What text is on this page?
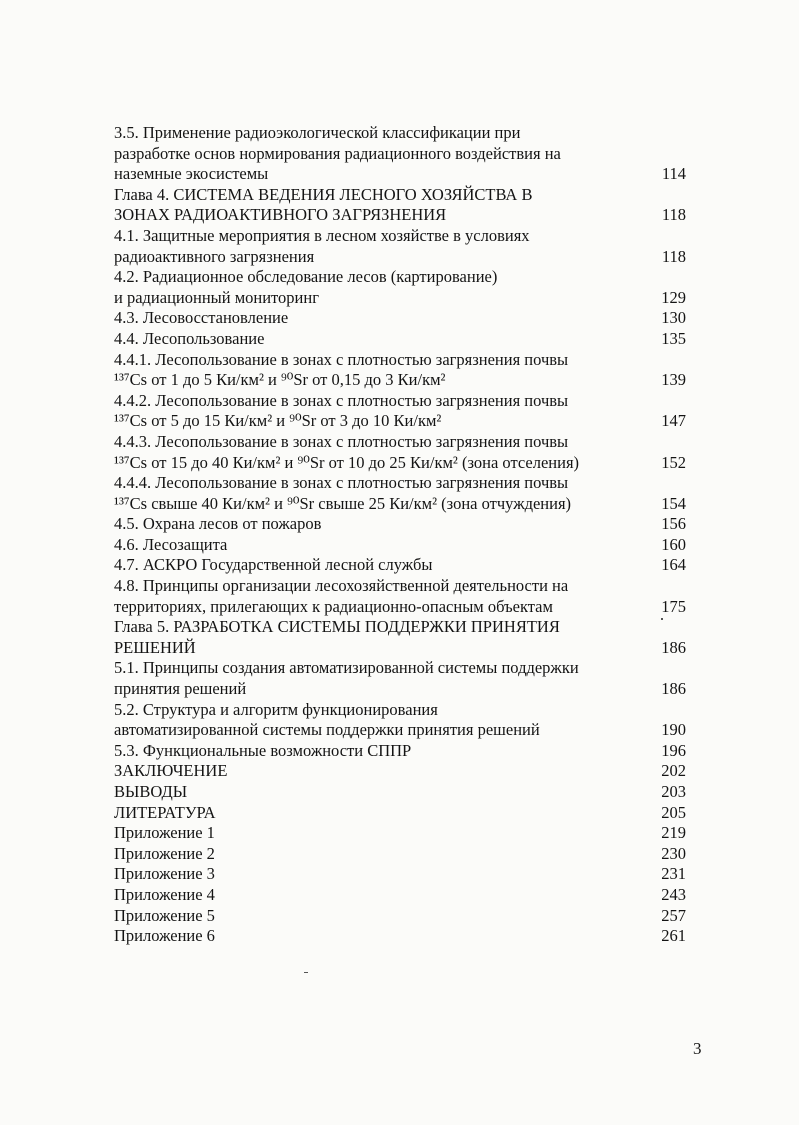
3.5. Применение радиоэкологической классификации при
разработке основ нормирования радиационного воздействия на
наземные экосистемы	114
Глава 4. СИСТЕМА ВЕДЕНИЯ ЛЕСНОГО ХОЗЯЙСТВА В
ЗОНАХ РАДИОАКТИВНОГО ЗАГРЯЗНЕНИЯ	118
4.1. Защитные мероприятия в лесном хозяйстве в условиях
радиоактивного загрязнения	118
4.2. Радиационное обследование лесов (картирование)
и радиационный мониторинг	129
4.3. Лесовосстановление	130
4.4. Лесопользование	135
4.4.1. Лесопользование в зонах с плотностью загрязнения почвы
¹³⁷Cs от 1 до 5 Ки/км² и ⁹⁰Sr от 0,15 до 3 Ки/км²	139
4.4.2. Лесопользование в зонах с плотностью загрязнения почвы
¹³⁷Cs от 5 до 15 Ки/км² и ⁹⁰Sr от 3 до 10 Ки/км²	147
4.4.3. Лесопользование в зонах с плотностью загрязнения почвы
¹³⁷Cs от 15 до 40 Ки/км² и ⁹⁰Sr от 10 до 25 Ки/км² (зона отселения)	152
4.4.4. Лесопользование в зонах с плотностью загрязнения почвы
¹³⁷Cs свыше 40 Ки/км² и ⁹⁰Sr свыше 25 Ки/км² (зона отчуждения)	154
4.5. Охрана лесов от пожаров	156
4.6. Лесозащита	160
4.7. АСКРО Государственной лесной службы	164
4.8. Принципы организации лесохозяйственной деятельности на
территориях, прилегающих к радиационно-опасным объектам	175
Глава 5. РАЗРАБОТКА СИСТЕМЫ ПОДДЕРЖКИ ПРИНЯТИЯ
РЕШЕНИЙ	186
5.1. Принципы создания автоматизированной системы поддержки
принятия решений	186
5.2. Структура и алгоритм функционирования
автоматизированной системы поддержки принятия решений	190
5.3. Функциональные возможности СППР	196
ЗАКЛЮЧЕНИЕ	202
ВЫВОДЫ	203
ЛИТЕРАТУРА	205
Приложение 1	219
Приложение 2	230
Приложение 3	231
Приложение 4	243
Приложение 5	257
Приложение 6	261
3
